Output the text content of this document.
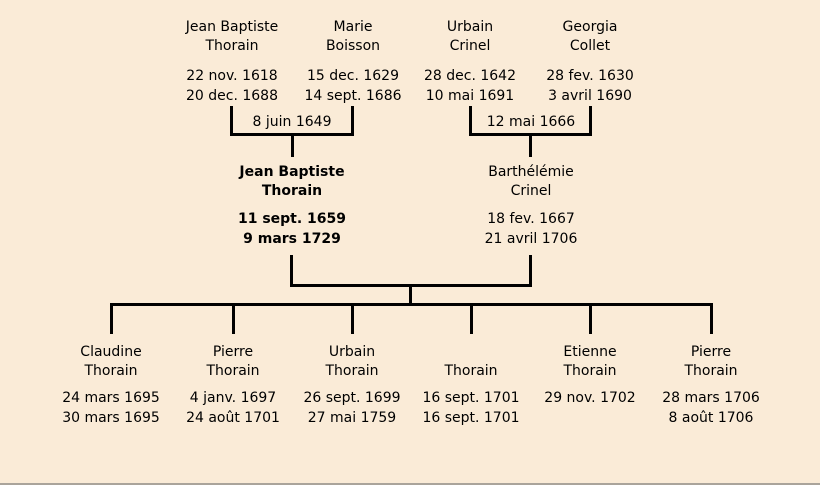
Jean Baptiste
Thorain
22 nov. 1618
20 dec. 1688
Marie
Boisson
15 dec. 1629
14 sept. 1686
Urbain
Crinel
28 dec. 1642
10 mai 1691
Georgia
Collet
28 fev. 1630
3 avril 1690
8 juin 1649	12 mai 1666
Jean Baptiste
Thorain
11 sept. 1659
9 mars 1729
Barthélémie
Crinel
18 fev. 1667
21 avril 1706
Claudine
Thorain
24 mars 1695
30 mars 1695
Pierre
Thorain
4 janv. 1697
24 août 1701
Urbain
Thorain
26 sept. 1699
27 mai 1759
Thorain
16 sept. 1701
16 sept. 1701
Etienne
Thorain
29 nov. 1702
Pierre
Thorain
28 mars 1706
8 août 1706
